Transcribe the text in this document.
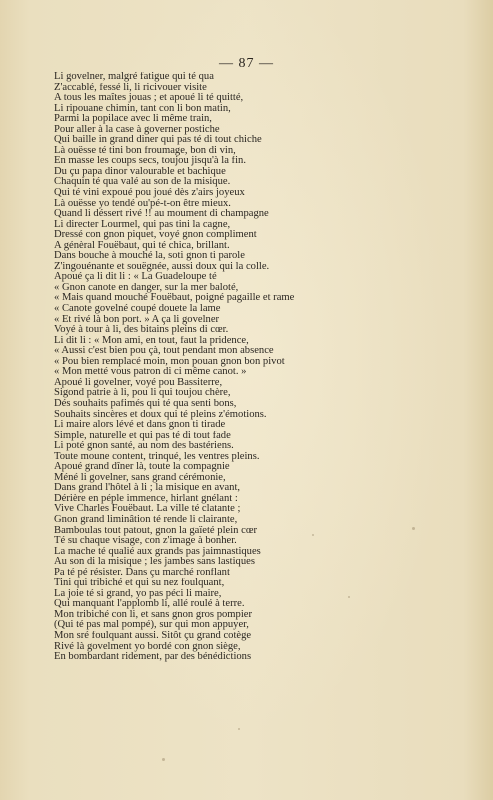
— 87 —
Li govelner, malgré fatigue qui té qua
Z'accablé, fessé li, li ricivouer visite
A tous les maîtes jouas ; et apoué li té quitté,
Li ripouane chimin, tant con li bon matin,
Parmi la popilace avec li même train,
Pour aller à la case à governer postiche
Qui baille in grand diner qui pas té di tout chiche
Là ouësse té tini bon froumage, bon di vin,
En masse les coups secs, toujou jisqu'à la fin.
Du çu papa dinor valourable et bachique
Chaquin té qua valé au son de la misique.
Qui té vini expoué pou joué dès z'airs joyeux
Là ouësse yo tendé ou'pé-t-on être mieux.
Quand li déssert rivé !! au moument di champagne
Li directer Lourmel, qui pas tini la cagne,
Dressé con gnon piquet, voyé gnon compliment
A génèral Fouëbaut, qui té chica, brillant.
Dans bouche à mouché la, soti gnon ti parole
Z'ingouénante et souëgnée, aussi doux qui la colle.
Apoué ça li dit li : « La Guadeloupe té
« Gnon canote en danger, sur la mer baloté,
« Mais quand mouché Fouëbaut, poigné pagaille et rame
« Canote govelné coupé douete la lame
« Et rivé là bon port. » A ça li govelner
Voyé à tour à li, des bitains pleins di cœr.
Li dit li : « Mon ami, en tout, faut la pridence,
« Aussi c'est bien pou çà, tout pendant mon absence
« Pou bien remplacé moin, mon pouan gnon bon pivot
« Mon metté vous patron di ci même canot. »
Apoué li govelner, voyé pou Bassiterre,
Sigond patrie à li, pou li qui toujou chère,
Dés souhaits pafimés qui té qua senti bons,
Souhaits sincères et doux qui té pleins z'émotions.
Li maire alors lévé et dans gnon ti tirade
Simple, naturelle et qui pas té di tout fade
Li poté gnon santé, au nom des bastériens.
Toute moune content, trinqué, les ventres pleins.
Apoué grand dîner là, toute la compagnie
Méné li govelner, sans grand cérémonie,
Dans grand l'hôtel à li ; la misique en avant,
Dérière en péple immence, hirlant gnélant :
Vive Charles Fouëbaut. La ville té clatante ;
Gnon grand liminâtion té rende li clairante,
Bamboulas tout patout, gnon la gaïeté plein cœr
Té su chaque visage, con z'image à bonher.
La mache té qualié aux grands pas jaimnastiques
Au son di la misique ; les jambes sans lastiques
Pa té pé résister. Dans çu marché ronflant
Tini qui tribiché et qui su nez foulquant,
La joie té si grand, yo pas péci li maire,
Qui manquant l'applomb li, allé roulé à terre.
Mon tribiché con li, et sans gnon gros pompier
(Qui té pas mal pompé), sur qui mon appuyer,
Mon sré foulquant aussi. Sitôt çu grand cotège
Rivé là govelment yo bordé con gnon siège,
En bombardant ridement, par des bénédictions
